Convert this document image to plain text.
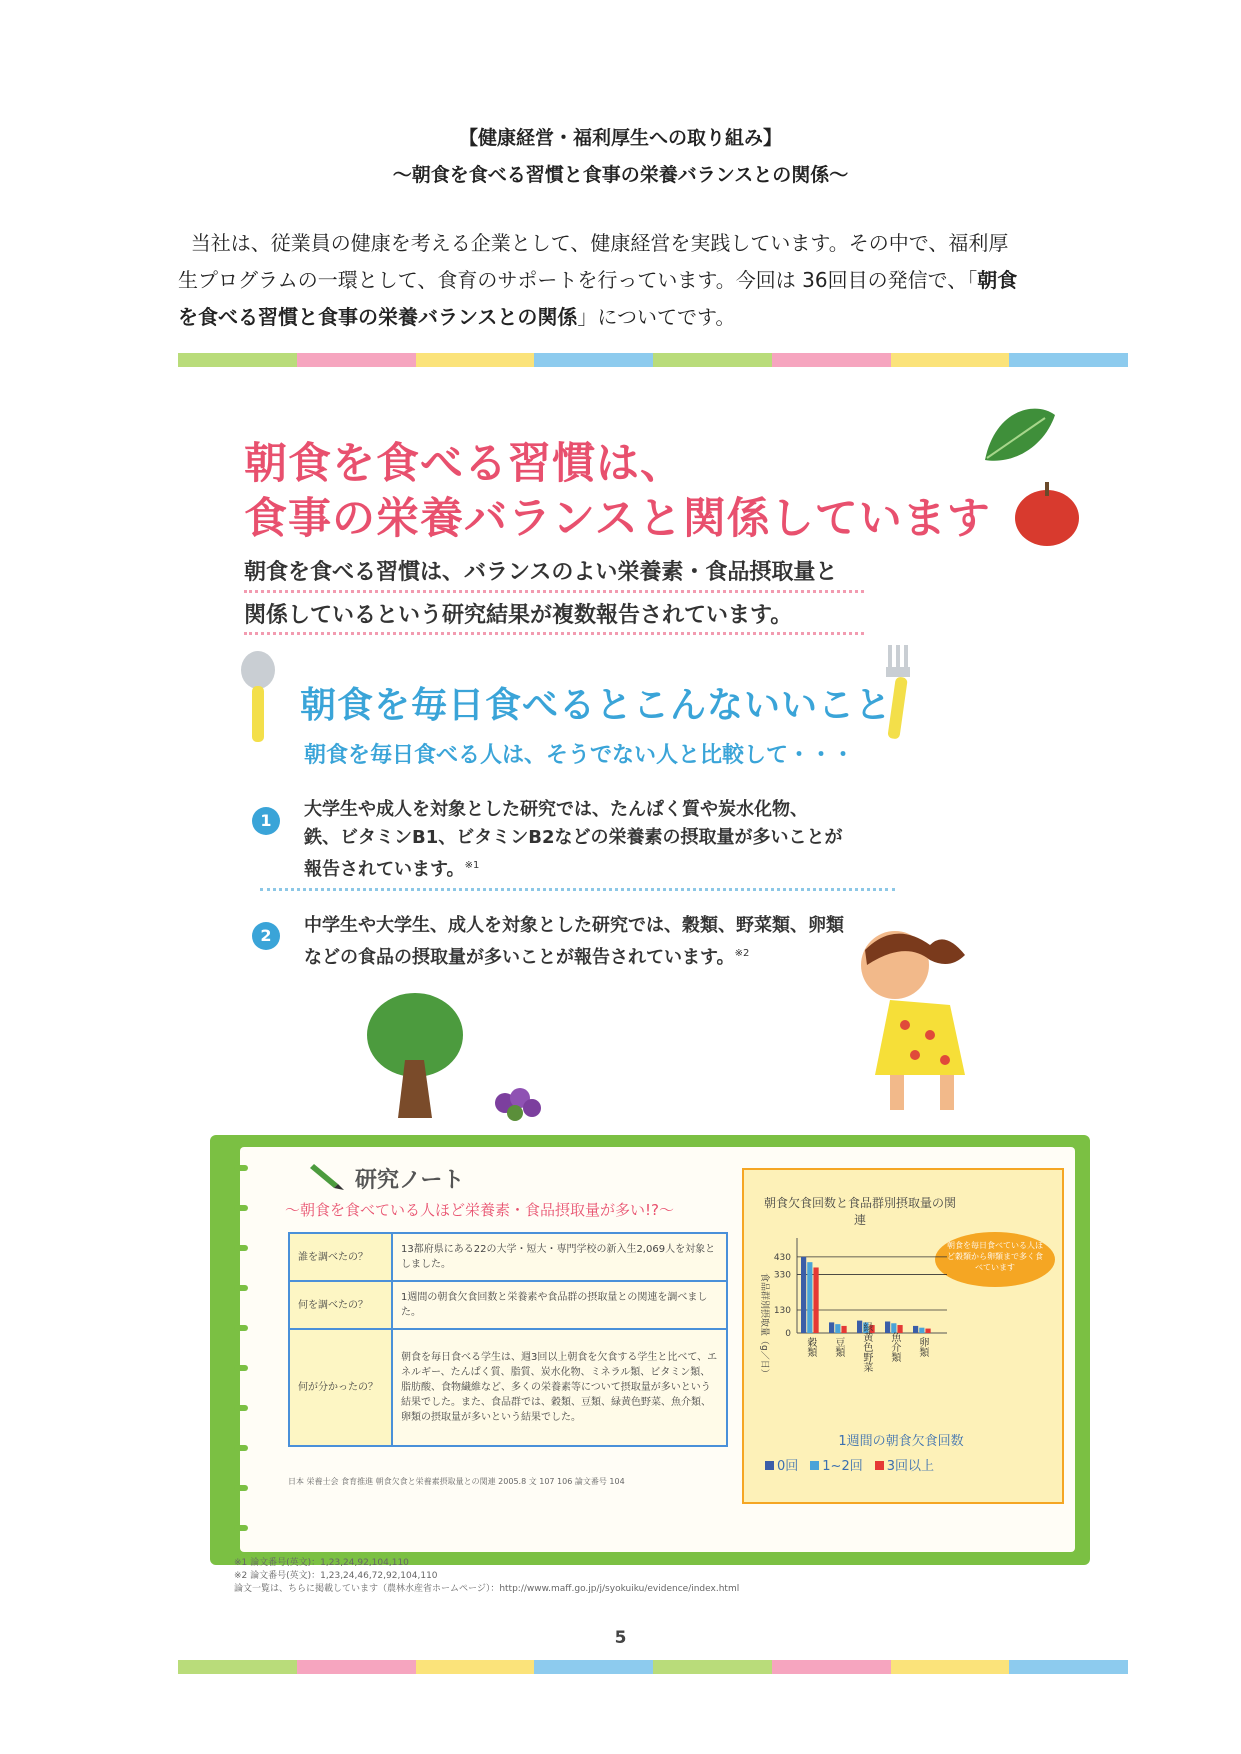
【健康経営・福利厚生への取り組み】
～朝食を食べる習慣と食事の栄養バランスとの関係～
当社は、従業員の健康を考える企業として、健康経営を実践しています。その中で、福利厚
生プログラムの一環として、食育のサポートを行っています。今回は 36回目の発信で、「朝食
を食べる習慣と食事の栄養バランスとの関係」についてです。
朝食を食べる習慣は、
食事の栄養バランスと関係しています
朝食を食べる習慣は、バランスのよい栄養素・食品摂取量と
関係しているという研究結果が複数報告されています。
朝食を毎日食べるとこんないいこと
朝食を毎日食べる人は、そうでない人と比較して・・・
1
大学生や成人を対象とした研究では、たんぱく質や炭水化物、
鉄、ビタミンB1、ビタミンB2などの栄養素の摂取量が多いことが
報告されています。$^{※1}$
2	中学生や大学生、成人を対象とした研究では、穀類、野菜類、卵類
などの食品の摂取量が多いことが報告されています。$^{※2}$
研究ノート
～朝食を食べている人ほど栄養素・食品摂取量が多い!?～
誰を調べたの？	13都府県にある22の大学・短大・専門学校の新入生2,069人を対象としました。
何を調べたの？	1週間の朝食欠食回数と栄養素や食品群の摂取量との関連を調べました。
何が分かったの？	朝食を毎日食べる学生は、週3回以上朝食を欠食する学生と比べて、エネルギー、たんぱく質、脂質、炭水化物、ミネラル類、ビタミン類、脂肪酸、食物繊維など、多くの栄養素等について摂取量が多いという結果でした。また、食品群では、穀類、豆類、緑黄色野菜、魚介類、卵類の摂取量が多いという結果でした。
日本 栄養士会 食育推進 朝食欠食と栄養素摂取量との関連 2005.8 文 107 106 論文番号 104
朝食欠食回数と食品群別摂取量の関連
朝食を毎日食べている人ほど穀類から卵類まで多く食べています
食品群別摂取量（g／日） 0
130
330
430
穀類 豆類 緑黄色野菜 魚介類 卵類
1週間の朝食欠食回数
0回	1~2回	3回以上
※1 論文番号(英文)：1,23,24,92,104,110
※2 論文番号(英文)：1,23,24,46,72,92,104,110
論文一覧は、ちらに掲載しています（農林水産省ホームページ）：http://www.maff.go.jp/j/syokuiku/evidence/index.html
5
